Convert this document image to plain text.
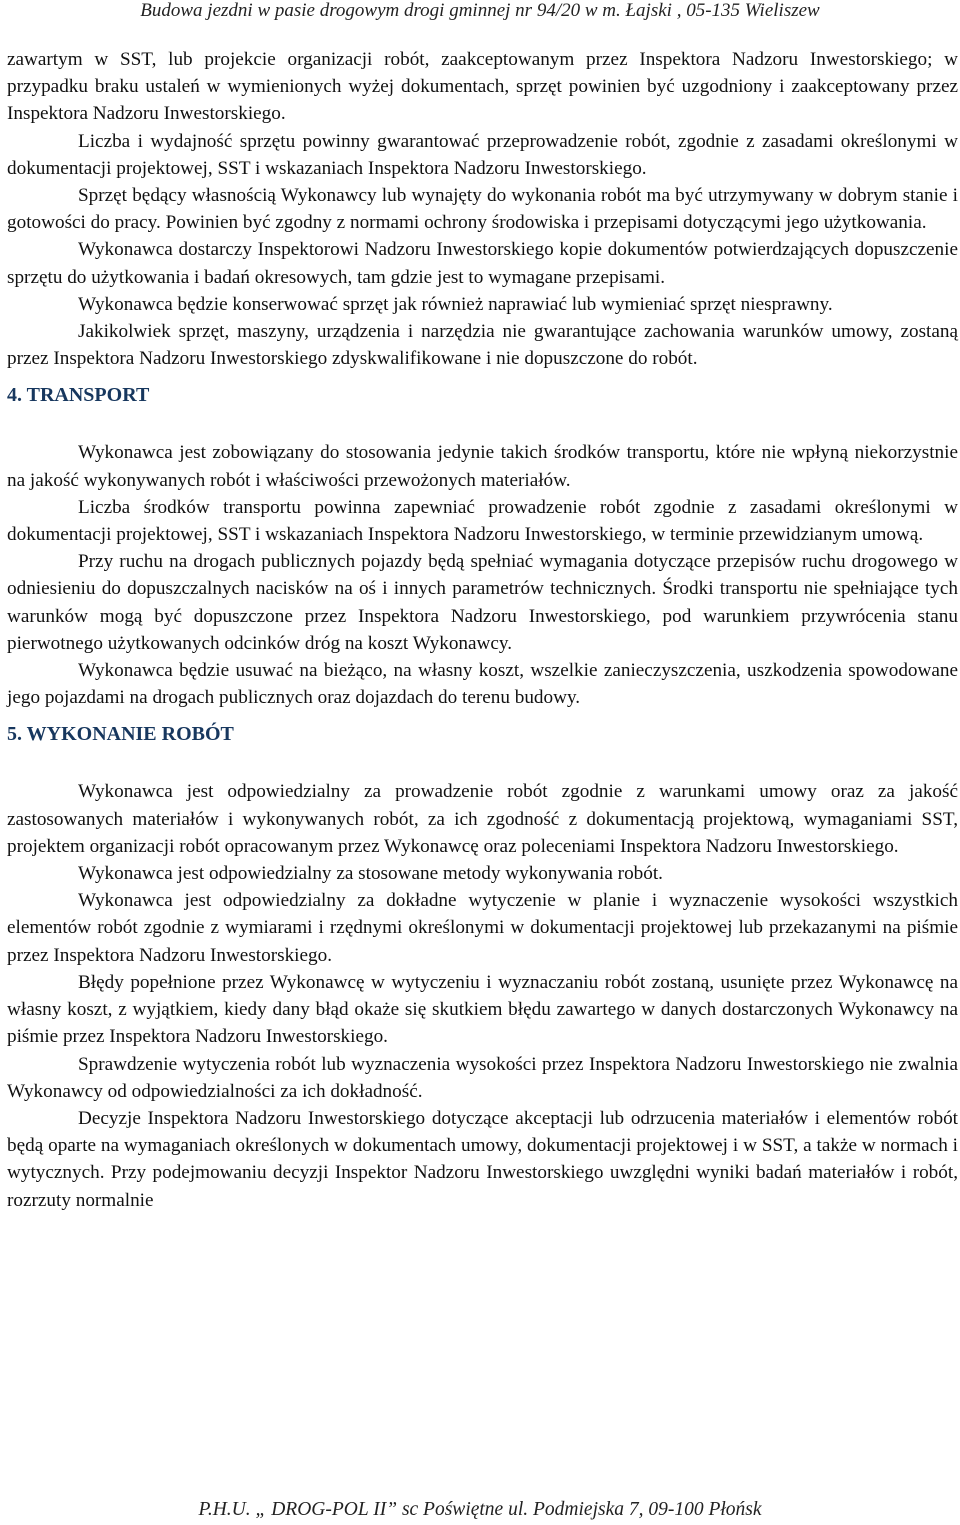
Budowa jezdni w pasie drogowym drogi gminnej nr 94/20 w m. Łajski , 05-135 Wieliszew

zawartym w SST, lub projekcie organizacji robót, zaakceptowanym przez Inspektora Nadzoru Inwestorskiego; w przypadku braku ustaleń w wymienionych wyżej dokumentach, sprzęt powinien być uzgodniony i zaakceptowany przez Inspektora Nadzoru Inwestorskiego.

Liczba i wydajność sprzętu powinny gwarantować przeprowadzenie robót, zgodnie z zasadami określonymi w dokumentacji projektowej, SST i wskazaniach Inspektora Nadzoru Inwestorskiego.

Sprzęt będący własnością Wykonawcy lub wynajęty do wykonania robót ma być utrzymywany w dobrym stanie i gotowości do pracy. Powinien być zgodny z normami ochrony środowiska i przepisami dotyczącymi jego użytkowania.

Wykonawca dostarczy Inspektorowi Nadzoru Inwestorskiego kopie dokumentów potwierdzających dopuszczenie sprzętu do użytkowania i badań okresowych, tam gdzie jest to wymagane przepisami.

Wykonawca będzie konserwować sprzęt jak również naprawiać lub wymieniać sprzęt niesprawny.

Jakikolwiek sprzęt, maszyny, urządzenia i narzędzia nie gwarantujące zachowania warunków umowy, zostaną przez Inspektora Nadzoru Inwestorskiego zdyskwalifikowane i nie dopuszczone do robót.

4. TRANSPORT

Wykonawca jest zobowiązany do stosowania jedynie takich środków transportu, które nie wpłyną niekorzystnie na jakość wykonywanych robót i właściwości przewożonych materiałów.

Liczba środków transportu powinna zapewniać prowadzenie robót zgodnie z zasadami określonymi w dokumentacji projektowej, SST i wskazaniach Inspektora Nadzoru Inwestorskiego, w terminie przewidzianym umową.

Przy ruchu na drogach publicznych pojazdy będą spełniać wymagania dotyczące przepisów ruchu drogowego w odniesieniu do dopuszczalnych nacisków na oś i innych parametrów technicznych. Środki transportu nie spełniające tych warunków mogą być dopuszczone przez Inspektora Nadzoru Inwestorskiego, pod warunkiem przywrócenia stanu pierwotnego użytkowanych odcinków dróg na koszt Wykonawcy.

Wykonawca będzie usuwać na bieżąco, na własny koszt, wszelkie zanieczyszczenia, uszkodzenia spowodowane jego pojazdami na drogach publicznych oraz dojazdach do terenu budowy.

5. WYKONANIE ROBÓT

Wykonawca jest odpowiedzialny za prowadzenie robót zgodnie z warunkami umowy oraz za jakość zastosowanych materiałów i wykonywanych robót, za ich zgodność z dokumentacją projektową, wymaganiami SST, projektem organizacji robót opracowanym przez Wykonawcę oraz poleceniami Inspektora Nadzoru Inwestorskiego.

Wykonawca jest odpowiedzialny za stosowane metody wykonywania robót.

Wykonawca jest odpowiedzialny za dokładne wytyczenie w planie i wyznaczenie wysokości wszystkich elementów robót zgodnie z wymiarami i rzędnymi określonymi w dokumentacji projektowej lub przekazanymi na piśmie przez Inspektora Nadzoru Inwestorskiego.

Błędy popełnione przez Wykonawcę w wytyczeniu i wyznaczaniu robót zostaną, usunięte przez Wykonawcę na własny koszt, z wyjątkiem, kiedy dany błąd okaże się skutkiem błędu zawartego w danych dostarczonych Wykonawcy na piśmie przez Inspektora Nadzoru Inwestorskiego.

Sprawdzenie wytyczenia robót lub wyznaczenia wysokości przez Inspektora Nadzoru Inwestorskiego nie zwalnia Wykonawcy od odpowiedzialności za ich dokładność.

Decyzje Inspektora Nadzoru Inwestorskiego dotyczące akceptacji lub odrzucenia materiałów i elementów robót będą oparte na wymaganiach określonych w dokumentach umowy, dokumentacji projektowej i w SST, a także w normach i wytycznych. Przy podejmowaniu decyzji Inspektor Nadzoru Inwestorskiego uwzględni wyniki badań materiałów i robót, rozrzuty normalnie

P.H.U. „ DROG-POL II” sc Poświętne ul. Podmiejska 7, 09-100 Płońsk
